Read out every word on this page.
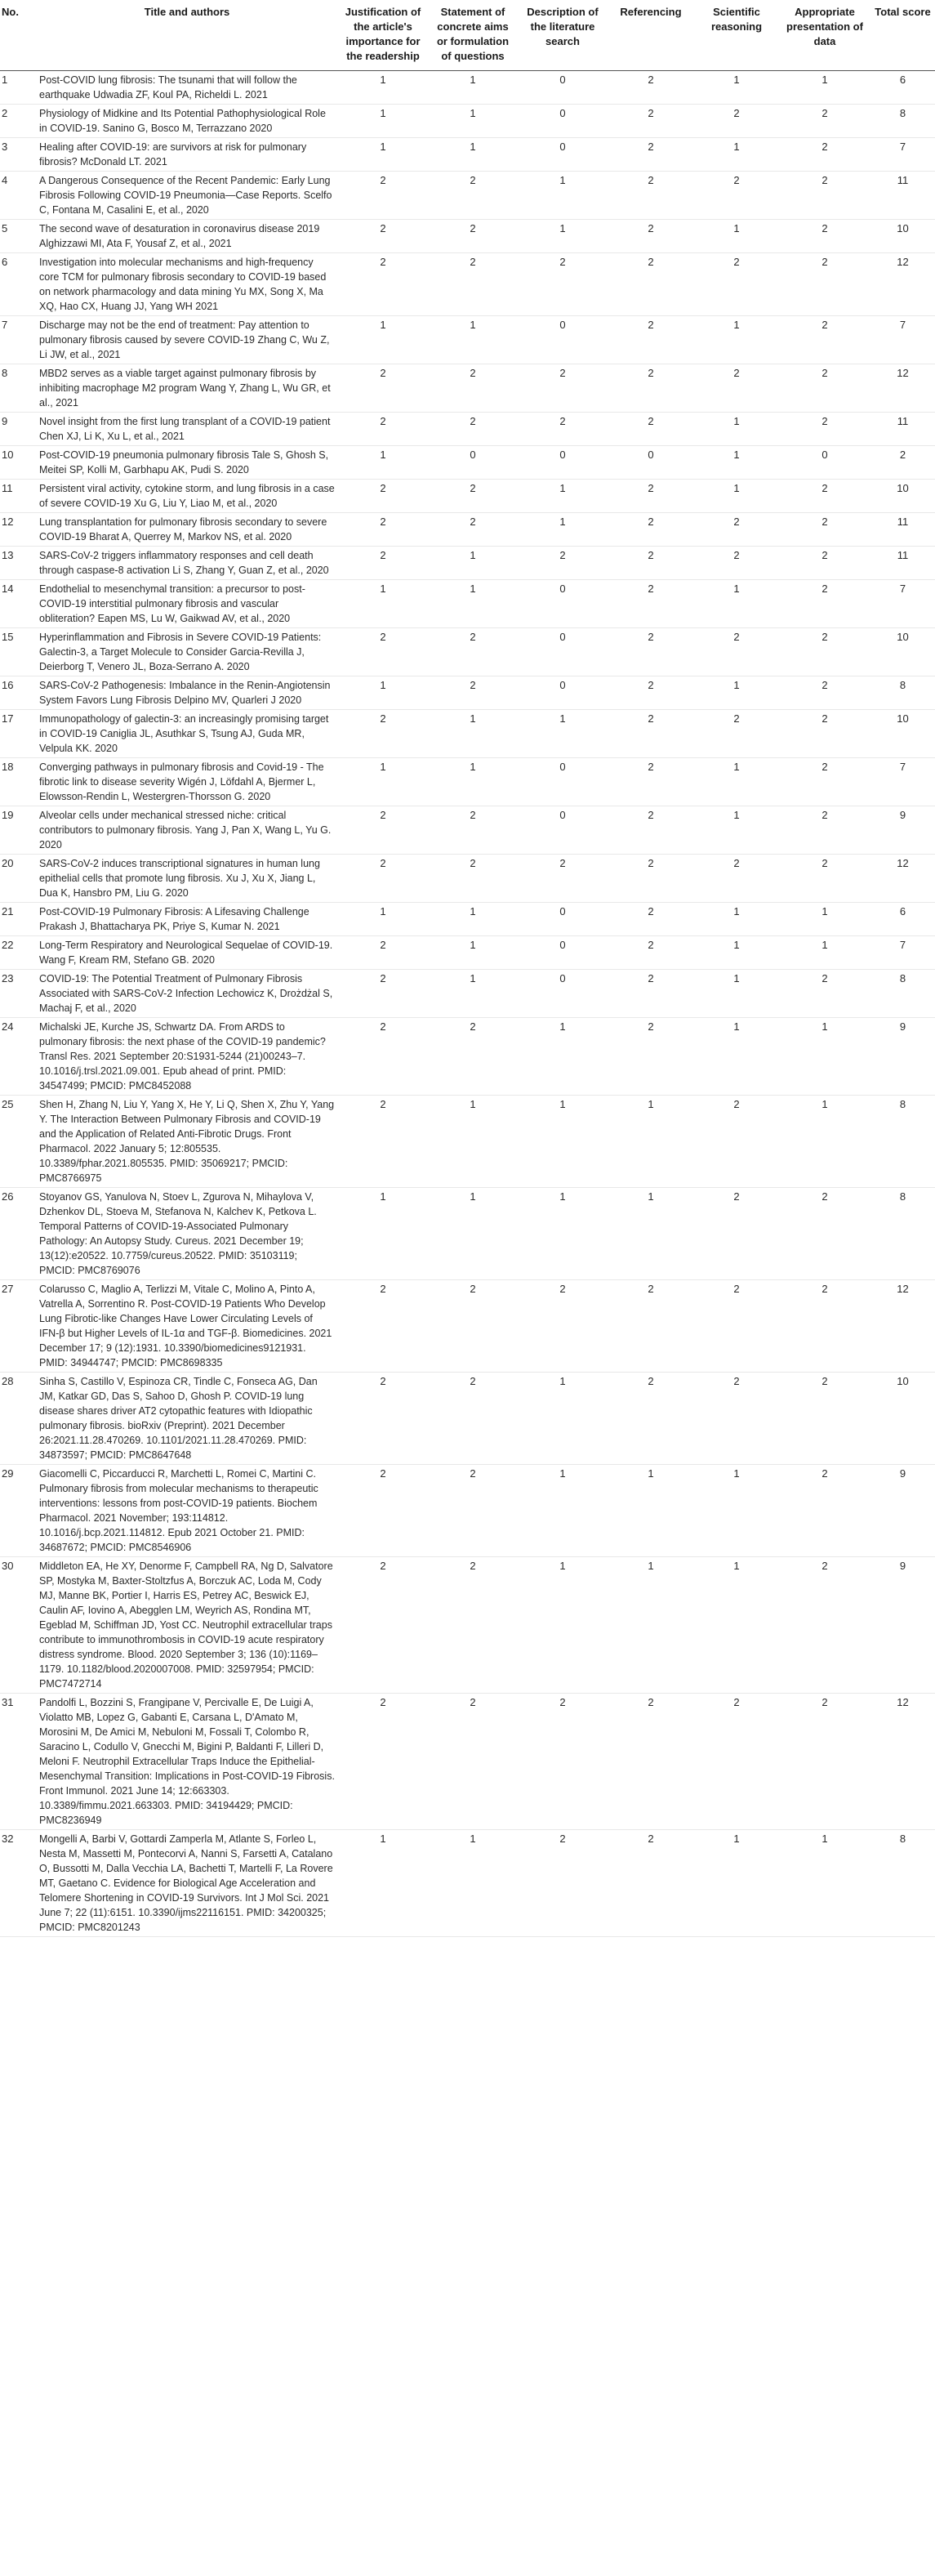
No.	Title and authors	Justification of the article's importance for the readership	Statement of concrete aims or formulation of questions	Description of the literature search	Referencing	Scientific reasoning	Appropriate presentation of data	Total score
1	Post-COVID lung fibrosis: The tsunami that will follow the earthquake Udwadia ZF, Koul PA, Richeldi L. 2021	1	1	0	2	1	1	6
2	Physiology of Midkine and Its Potential Pathophysiological Role in COVID-19. Sanino G, Bosco M, Terrazzano 2020	1	1	0	2	2	2	8
3	Healing after COVID-19: are survivors at risk for pulmonary fibrosis? McDonald LT. 2021	1	1	0	2	1	2	7
4	A Dangerous Consequence of the Recent Pandemic: Early Lung Fibrosis Following COVID-19 Pneumonia—Case Reports. Scelfo C, Fontana M, Casalini E, et al., 2020	2	2	1	2	2	2	11
5	The second wave of desaturation in coronavirus disease 2019 Alghizzawi MI, Ata F, Yousaf Z, et al., 2021	2	2	1	2	1	2	10
6	Investigation into molecular mechanisms and high-frequency core TCM for pulmonary fibrosis secondary to COVID-19 based on network pharmacology and data mining Yu MX, Song X, Ma XQ, Hao CX, Huang JJ, Yang WH 2021	2	2	2	2	2	2	12
7	Discharge may not be the end of treatment: Pay attention to pulmonary fibrosis caused by severe COVID-19 Zhang C, Wu Z, Li JW, et al., 2021	1	1	0	2	1	2	7
8	MBD2 serves as a viable target against pulmonary fibrosis by inhibiting macrophage M2 program Wang Y, Zhang L, Wu GR, et al., 2021	2	2	2	2	2	2	12
9	Novel insight from the first lung transplant of a COVID-19 patient Chen XJ, Li K, Xu L, et al., 2021	2	2	2	2	1	2	11
10	Post-COVID-19 pneumonia pulmonary fibrosis Tale S, Ghosh S, Meitei SP, Kolli M, Garbhapu AK, Pudi S. 2020	1	0	0	0	1	0	2
11	Persistent viral activity, cytokine storm, and lung fibrosis in a case of severe COVID-19 Xu G, Liu Y, Liao M, et al., 2020	2	2	1	2	1	2	10
12	Lung transplantation for pulmonary fibrosis secondary to severe COVID-19 Bharat A, Querrey M, Markov NS, et al. 2020	2	2	1	2	2	2	11
13	SARS-CoV-2 triggers inflammatory responses and cell death through caspase-8 activation Li S, Zhang Y, Guan Z, et al., 2020	2	1	2	2	2	2	11
14	Endothelial to mesenchymal transition: a precursor to post-COVID-19 interstitial pulmonary fibrosis and vascular obliteration? Eapen MS, Lu W, Gaikwad AV, et al., 2020	1	1	0	2	1	2	7
15	Hyperinflammation and Fibrosis in Severe COVID-19 Patients: Galectin-3, a Target Molecule to Consider Garcia-Revilla J, Deierborg T, Venero JL, Boza-Serrano A. 2020	2	2	0	2	2	2	10
16	SARS-CoV-2 Pathogenesis: Imbalance in the Renin-Angiotensin System Favors Lung Fibrosis Delpino MV, Quarleri J 2020	1	2	0	2	1	2	8
17	Immunopathology of galectin-3: an increasingly promising target in COVID-19 Caniglia JL, Asuthkar S, Tsung AJ, Guda MR, Velpula KK. 2020	2	1	1	2	2	2	10
18	Converging pathways in pulmonary fibrosis and Covid-19 - The fibrotic link to disease severity Wigén J, Löfdahl A, Bjermer L, Elowsson-Rendin L, Westergren-Thorsson G. 2020	1	1	0	2	1	2	7
19	Alveolar cells under mechanical stressed niche: critical contributors to pulmonary fibrosis. Yang J, Pan X, Wang L, Yu G. 2020	2	2	0	2	1	2	9
20	SARS-CoV-2 induces transcriptional signatures in human lung epithelial cells that promote lung fibrosis. Xu J, Xu X, Jiang L, Dua K, Hansbro PM, Liu G. 2020	2	2	2	2	2	2	12
21	Post-COVID-19 Pulmonary Fibrosis: A Lifesaving Challenge Prakash J, Bhattacharya PK, Priye S, Kumar N. 2021	1	1	0	2	1	1	6
22	Long-Term Respiratory and Neurological Sequelae of COVID-19. Wang F, Kream RM, Stefano GB. 2020	2	1	0	2	1	1	7
23	COVID-19: The Potential Treatment of Pulmonary Fibrosis Associated with SARS-CoV-2 Infection Lechowicz K, Drożdżal S, Machaj F, et al., 2020	2	1	0	2	1	2	8
24	Michalski JE, Kurche JS, Schwartz DA. From ARDS to pulmonary fibrosis: the next phase of the COVID-19 pandemic? Transl Res. 2021 September 20:S1931-5244 (21)00243–7. 10.1016/j.trsl.2021.09.001. Epub ahead of print. PMID: 34547499; PMCID: PMC8452088	2	2	1	2	1	1	9
25	Shen H, Zhang N, Liu Y, Yang X, He Y, Li Q, Shen X, Zhu Y, Yang Y. The Interaction Between Pulmonary Fibrosis and COVID-19 and the Application of Related Anti-Fibrotic Drugs. Front Pharmacol. 2022 January 5; 12:805535. 10.3389/fphar.2021.805535. PMID: 35069217; PMCID: PMC8766975	2	1	1	1	2	1	8
26	Stoyanov GS, Yanulova N, Stoev L, Zgurova N, Mihaylova V, Dzhenkov DL, Stoeva M, Stefanova N, Kalchev K, Petkova L. Temporal Patterns of COVID-19-Associated Pulmonary Pathology: An Autopsy Study. Cureus. 2021 December 19; 13(12):e20522. 10.7759/cureus.20522. PMID: 35103119; PMCID: PMC8769076	1	1	1	1	2	2	8
27	Colarusso C, Maglio A, Terlizzi M, Vitale C, Molino A, Pinto A, Vatrella A, Sorrentino R. Post-COVID-19 Patients Who Develop Lung Fibrotic-like Changes Have Lower Circulating Levels of IFN-β but Higher Levels of IL-1α and TGF-β. Biomedicines. 2021 December 17; 9 (12):1931. 10.3390/biomedicines9121931. PMID: 34944747; PMCID: PMC8698335	2	2	2	2	2	2	12
28	Sinha S, Castillo V, Espinoza CR, Tindle C, Fonseca AG, Dan JM, Katkar GD, Das S, Sahoo D, Ghosh P. COVID-19 lung disease shares driver AT2 cytopathic features with Idiopathic pulmonary fibrosis. bioRxiv (Preprint). 2021 December 26:2021.11.28.470269. 10.1101/2021.11.28.470269. PMID: 34873597; PMCID: PMC8647648	2	2	1	2	2	2	10
29	Giacomelli C, Piccarducci R, Marchetti L, Romei C, Martini C. Pulmonary fibrosis from molecular mechanisms to therapeutic interventions: lessons from post-COVID-19 patients. Biochem Pharmacol. 2021 November; 193:114812. 10.1016/j.bcp.2021.114812. Epub 2021 October 21. PMID: 34687672; PMCID: PMC8546906	2	2	1	1	1	2	9
30	Middleton EA, He XY, Denorme F, Campbell RA, Ng D, Salvatore SP, Mostyka M, Baxter-Stoltzfus A, Borczuk AC, Loda M, Cody MJ, Manne BK, Portier I, Harris ES, Petrey AC, Beswick EJ, Caulin AF, Iovino A, Abegglen LM, Weyrich AS, Rondina MT, Egeblad M, Schiffman JD, Yost CC. Neutrophil extracellular traps contribute to immunothrombosis in COVID-19 acute respiratory distress syndrome. Blood. 2020 September 3; 136 (10):1169–1179. 10.1182/blood.2020007008. PMID: 32597954; PMCID: PMC7472714	2	2	1	1	1	2	9
31	Pandolfi L, Bozzini S, Frangipane V, Percivalle E, De Luigi A, Violatto MB, Lopez G, Gabanti E, Carsana L, D'Amato M, Morosini M, De Amici M, Nebuloni M, Fossali T, Colombo R, Saracino L, Codullo V, Gnecchi M, Bigini P, Baldanti F, Lilleri D, Meloni F. Neutrophil Extracellular Traps Induce the Epithelial-Mesenchymal Transition: Implications in Post-COVID-19 Fibrosis. Front Immunol. 2021 June 14; 12:663303. 10.3389/fimmu.2021.663303. PMID: 34194429; PMCID: PMC8236949	2	2	2	2	2	2	12
32	Mongelli A, Barbi V, Gottardi Zamperla M, Atlante S, Forleo L, Nesta M, Massetti M, Pontecorvi A, Nanni S, Farsetti A, Catalano O, Bussotti M, Dalla Vecchia LA, Bachetti T, Martelli F, La Rovere MT, Gaetano C. Evidence for Biological Age Acceleration and Telomere Shortening in COVID-19 Survivors. Int J Mol Sci. 2021 June 7; 22 (11):6151. 10.3390/ijms22116151. PMID: 34200325; PMCID: PMC8201243	1	1	2	2	1	1	8
